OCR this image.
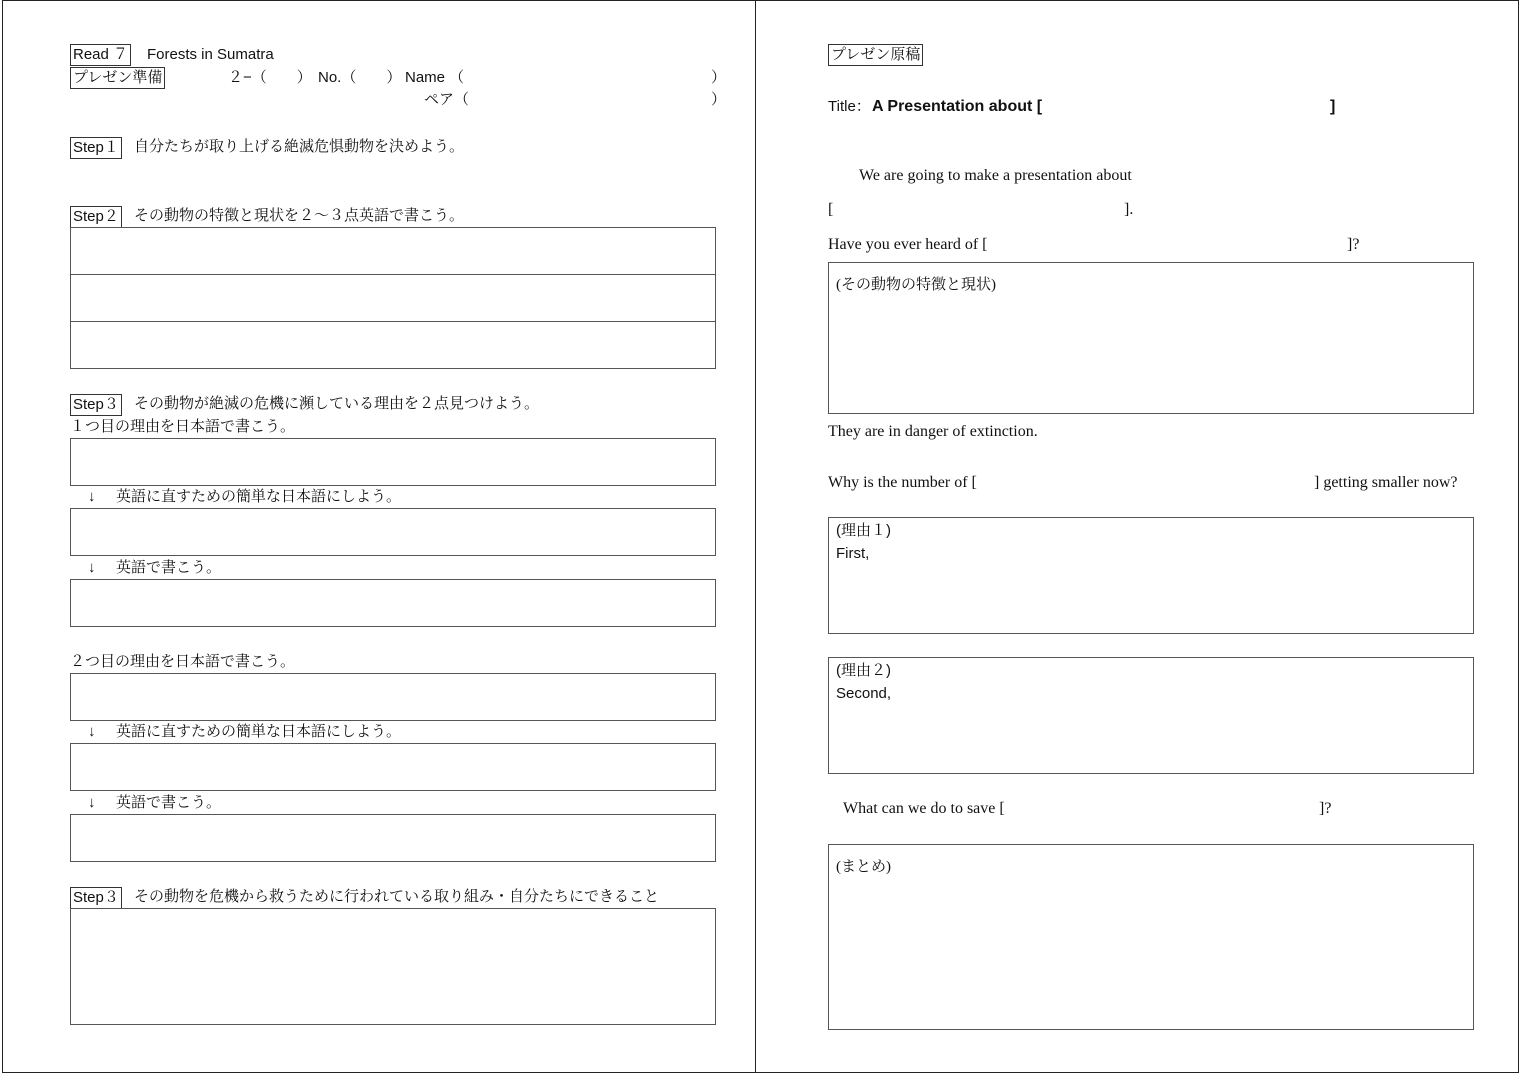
Read ７ Forests in Sumatra
プレゼン準備	２−（　　） No.（　　） Name （	）
ペア（	）
Step１ 自分たちが取り上げる絶滅危惧動物を決めよう。
Step２ その動物の特徴と現状を２〜３点英語で書こう。
Step３ その動物が絶滅の危機に瀕している理由を２点見つけよう。
１つ目の理由を日本語で書こう。
↓ 英語に直すための簡単な日本語にしよう。
↓ 英語で書こう。
２つ目の理由を日本語で書こう。
↓ 英語に直すための簡単な日本語にしよう。
↓ 英語で書こう。
Step３ その動物を危機から救うために行われている取り組み・自分たちにできること
プレゼン原稿
Title： A Presentation about [	]
We are going to make a presentation about
[	].
Have you ever heard of [	]?
(その動物の特徴と現状)
They are in danger of extinction.
Why is the number of [	] getting smaller now?
(理由１)
First,
(理由２)
Second,
What can we do to save [	]?
(まとめ)
